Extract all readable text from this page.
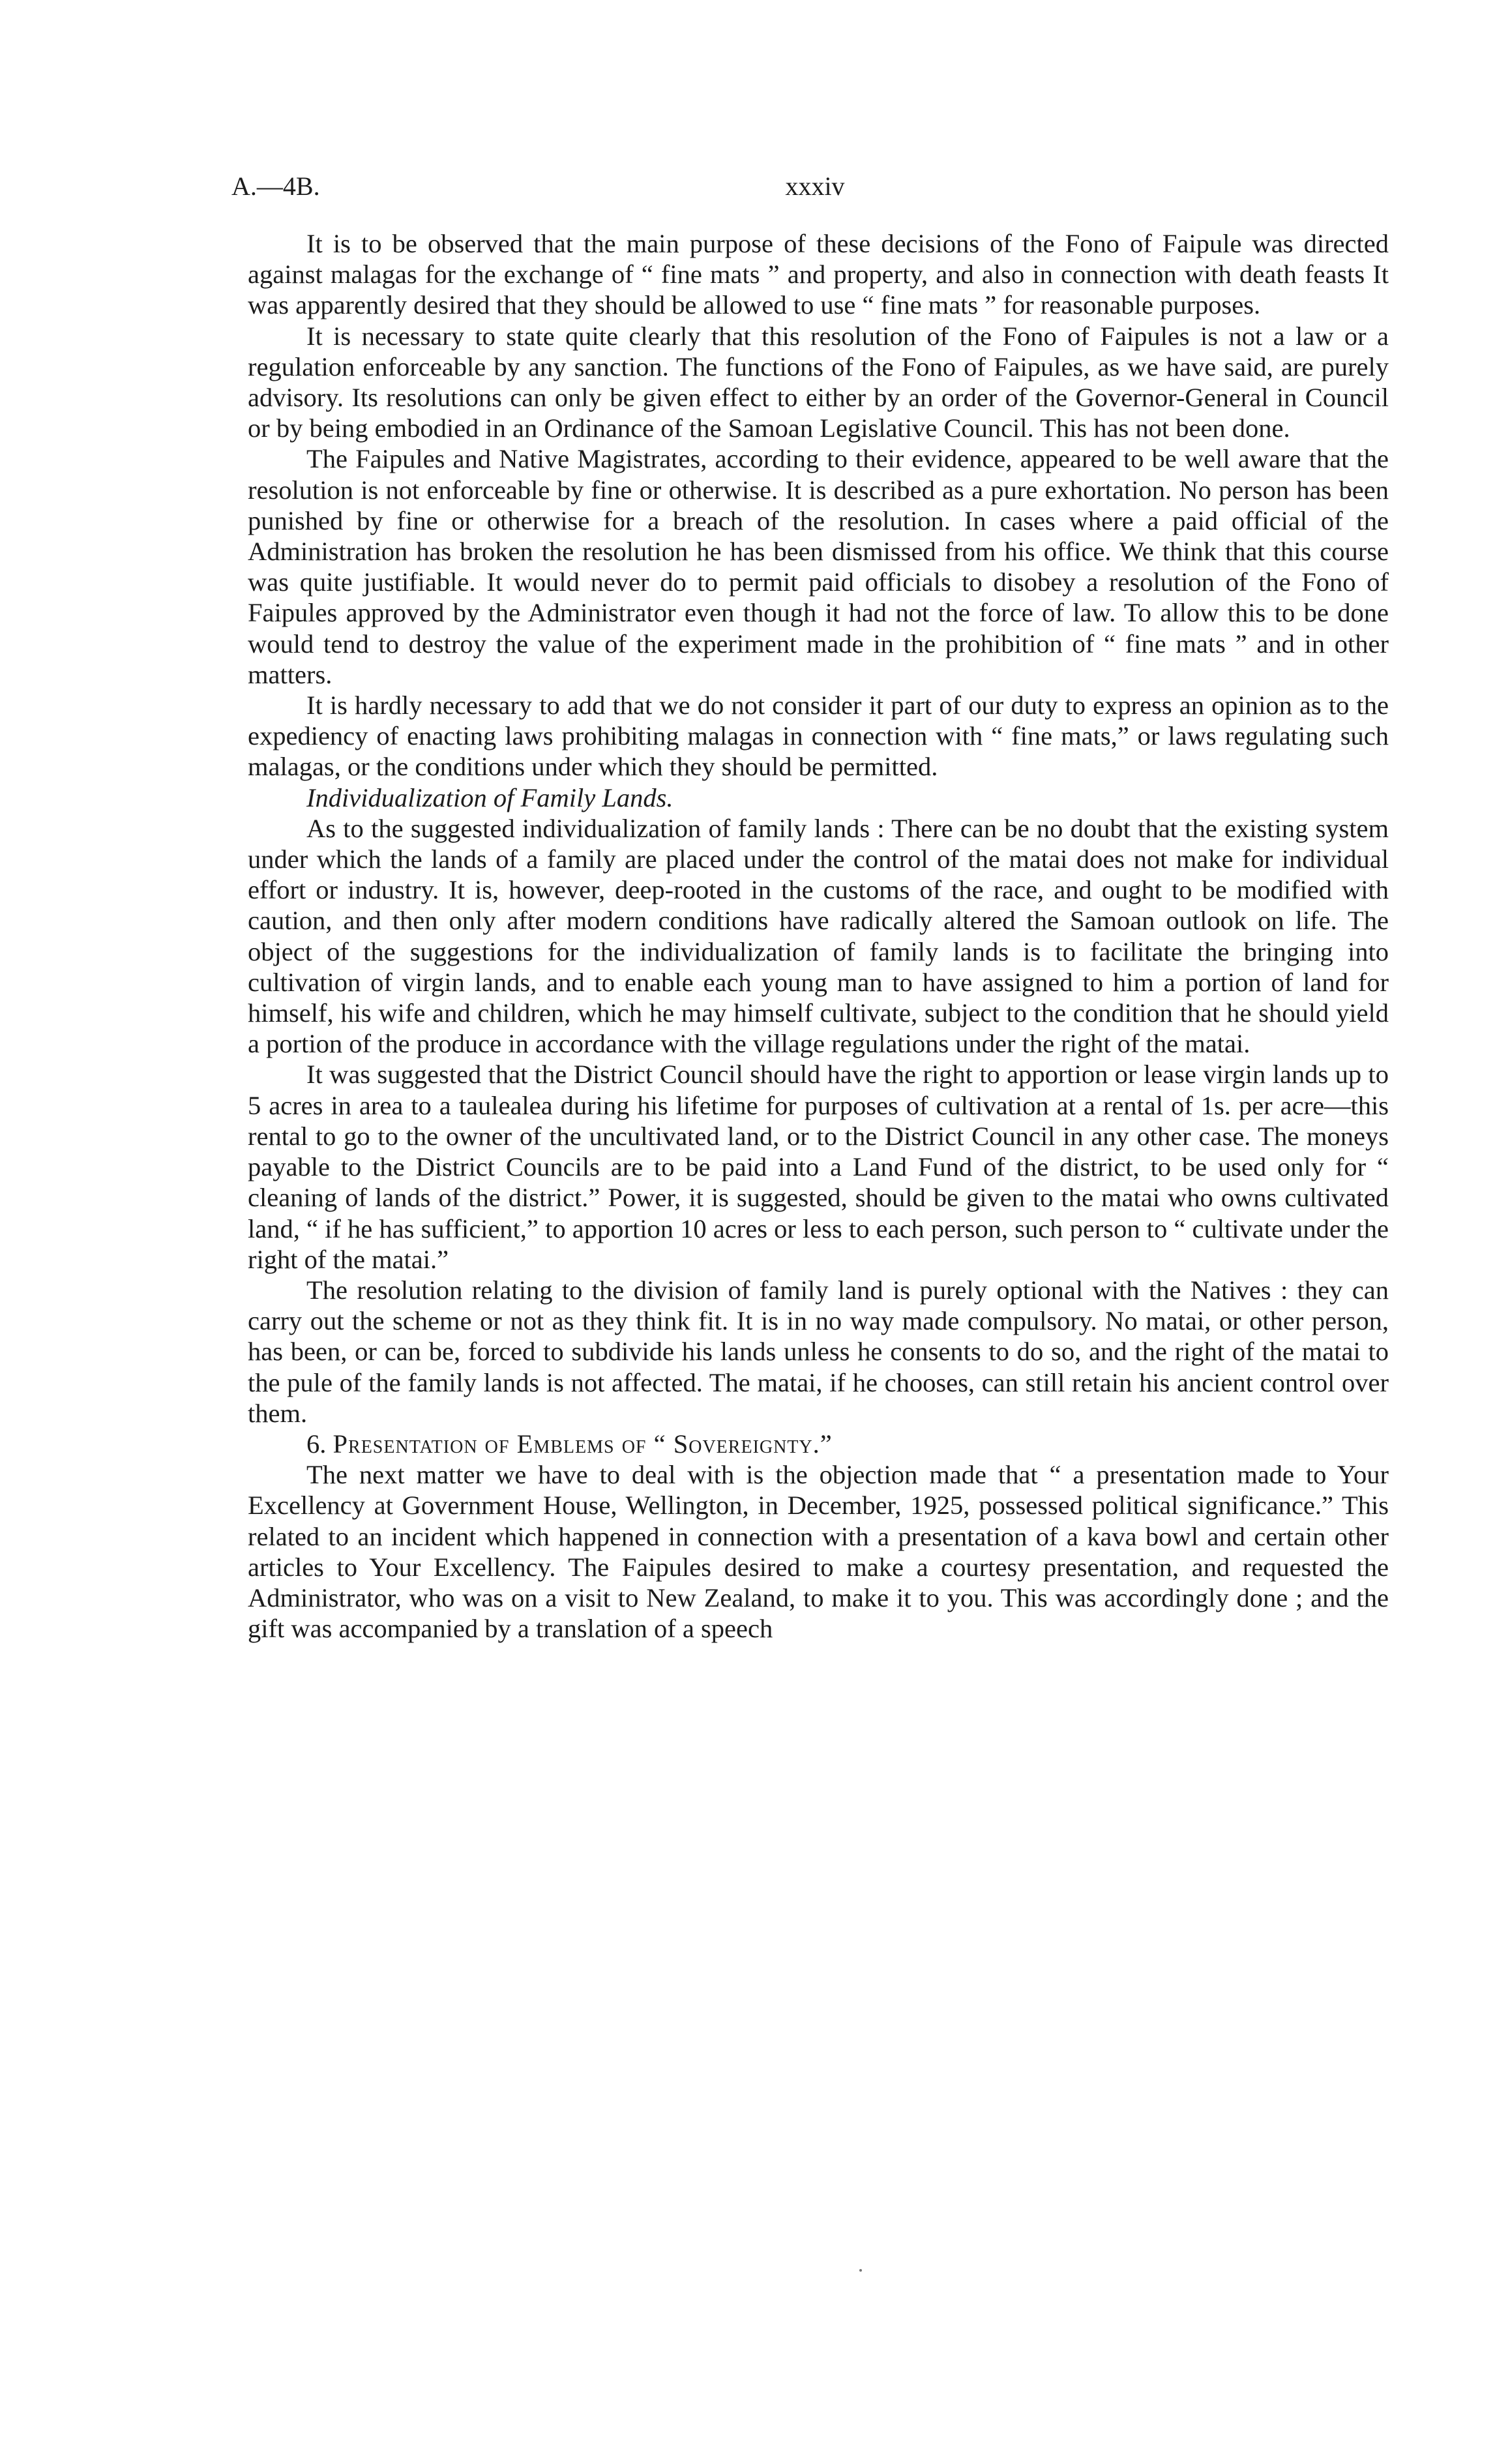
A.—4B.	xxxiv

It is to be observed that the main purpose of these decisions of the Fono of Faipule was directed against malagas for the exchange of “ fine mats ” and property, and also in connection with death feasts It was apparently desired that they should be allowed to use “ fine mats ” for reasonable purposes.

It is necessary to state quite clearly that this resolution of the Fono of Faipules is not a law or a regulation enforceable by any sanction. The functions of the Fono of Faipules, as we have said, are purely advisory. Its resolutions can only be given effect to either by an order of the Governor-General in Council or by being embodied in an Ordinance of the Samoan Legislative Council. This has not been done.

The Faipules and Native Magistrates, according to their evidence, appeared to be well aware that the resolution is not enforceable by fine or otherwise. It is described as a pure exhortation. No person has been punished by fine or otherwise for a breach of the resolution. In cases where a paid official of the Administration has broken the resolution he has been dismissed from his office. We think that this course was quite justifiable. It would never do to permit paid officials to disobey a resolution of the Fono of Faipules approved by the Administrator even though it had not the force of law. To allow this to be done would tend to destroy the value of the experiment made in the prohibition of “ fine mats ” and in other matters.

It is hardly necessary to add that we do not consider it part of our duty to express an opinion as to the expediency of enacting laws prohibiting malagas in connection with “ fine mats,” or laws regulating such malagas, or the conditions under which they should be permitted.

Individualization of Family Lands.

As to the suggested individualization of family lands : There can be no doubt that the existing system under which the lands of a family are placed under the control of the matai does not make for individual effort or industry. It is, however, deep-rooted in the customs of the race, and ought to be modified with caution, and then only after modern conditions have radically altered the Samoan outlook on life. The object of the suggestions for the individualization of family lands is to facilitate the bringing into cultivation of virgin lands, and to enable each young man to have assigned to him a portion of land for himself, his wife and children, which he may himself cultivate, subject to the condition that he should yield a portion of the produce in accordance with the village regulations under the right of the matai.

It was suggested that the District Council should have the right to apportion or lease virgin lands up to 5 acres in area to a taulealea during his lifetime for purposes of cultivation at a rental of 1s. per acre—this rental to go to the owner of the uncultivated land, or to the District Council in any other case. The moneys payable to the District Councils are to be paid into a Land Fund of the district, to be used only for “ cleaning of lands of the district.” Power, it is suggested, should be given to the matai who owns cultivated land, “ if he has sufficient,” to apportion 10 acres or less to each person, such person to “ cultivate under the right of the matai.”

The resolution relating to the division of family land is purely optional with the Natives : they can carry out the scheme or not as they think fit. It is in no way made compulsory. No matai, or other person, has been, or can be, forced to subdivide his lands unless he consents to do so, and the right of the matai to the pule of the family lands is not affected. The matai, if he chooses, can still retain his ancient control over them.

6. Presentation of Emblems of “ Sovereignty.”

The next matter we have to deal with is the objection made that “ a presentation made to Your Excellency at Government House, Wellington, in December, 1925, possessed political significance.” This related to an incident which happened in connection with a presentation of a kava bowl and certain other articles to Your Excellency. The Faipules desired to make a courtesy presentation, and requested the Administrator, who was on a visit to New Zealand, to make it to you. This was accordingly done ; and the gift was accompanied by a translation of a speech
